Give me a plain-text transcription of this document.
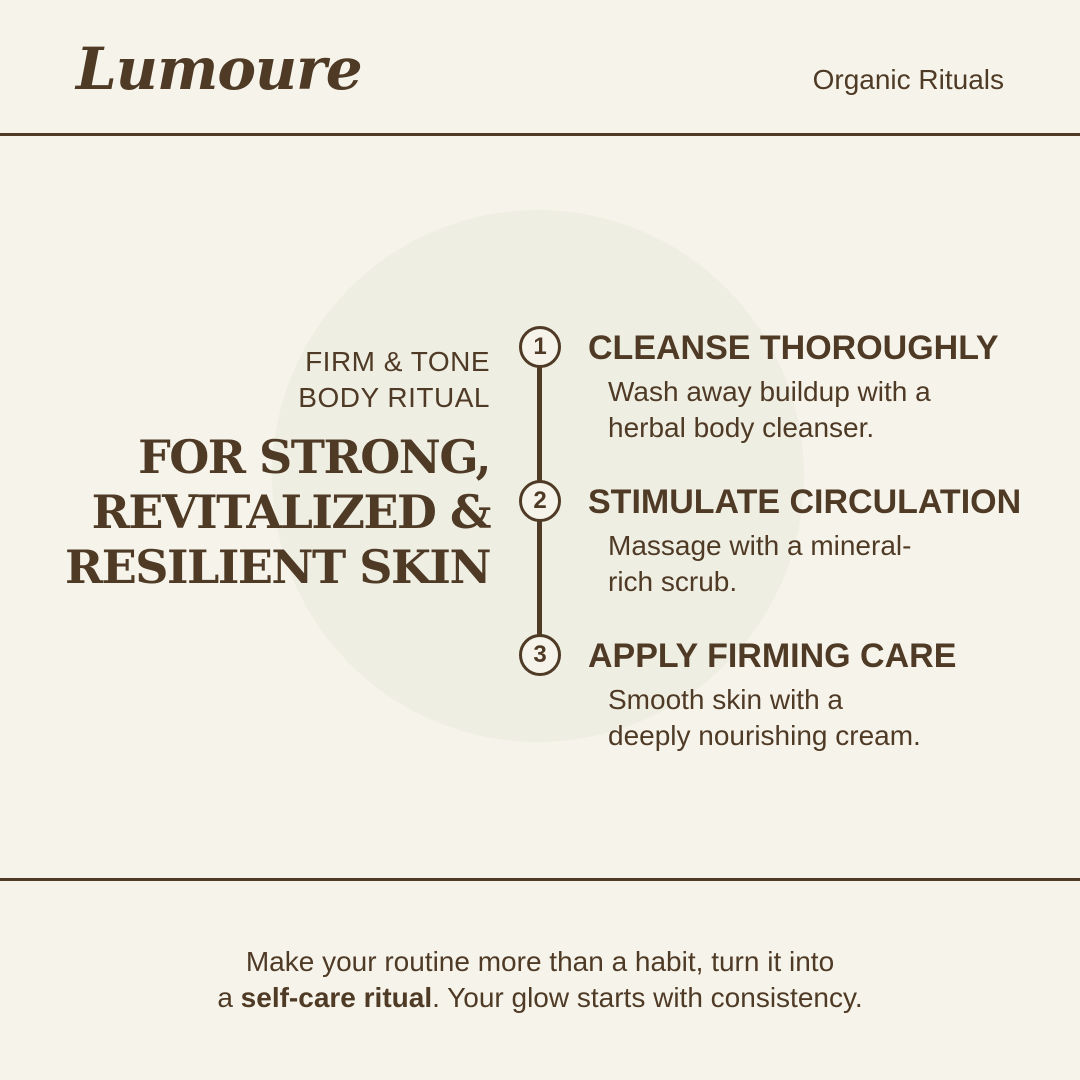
Lumoure	Organic Rituals
FIRM & TONE
BODY RITUAL
FOR STRONG,
REVITALIZED &
RESILIENT SKIN
1	CLEANSE THOROUGHLY
Wash away buildup with a
herbal body cleanser.
2	STIMULATE CIRCULATION
Massage with a mineral-
rich scrub.
3	APPLY FIRMING CARE
Smooth skin with a
deeply nourishing cream.
Make your routine more than a habit, turn it into
a self-care ritual. Your glow starts with consistency.
